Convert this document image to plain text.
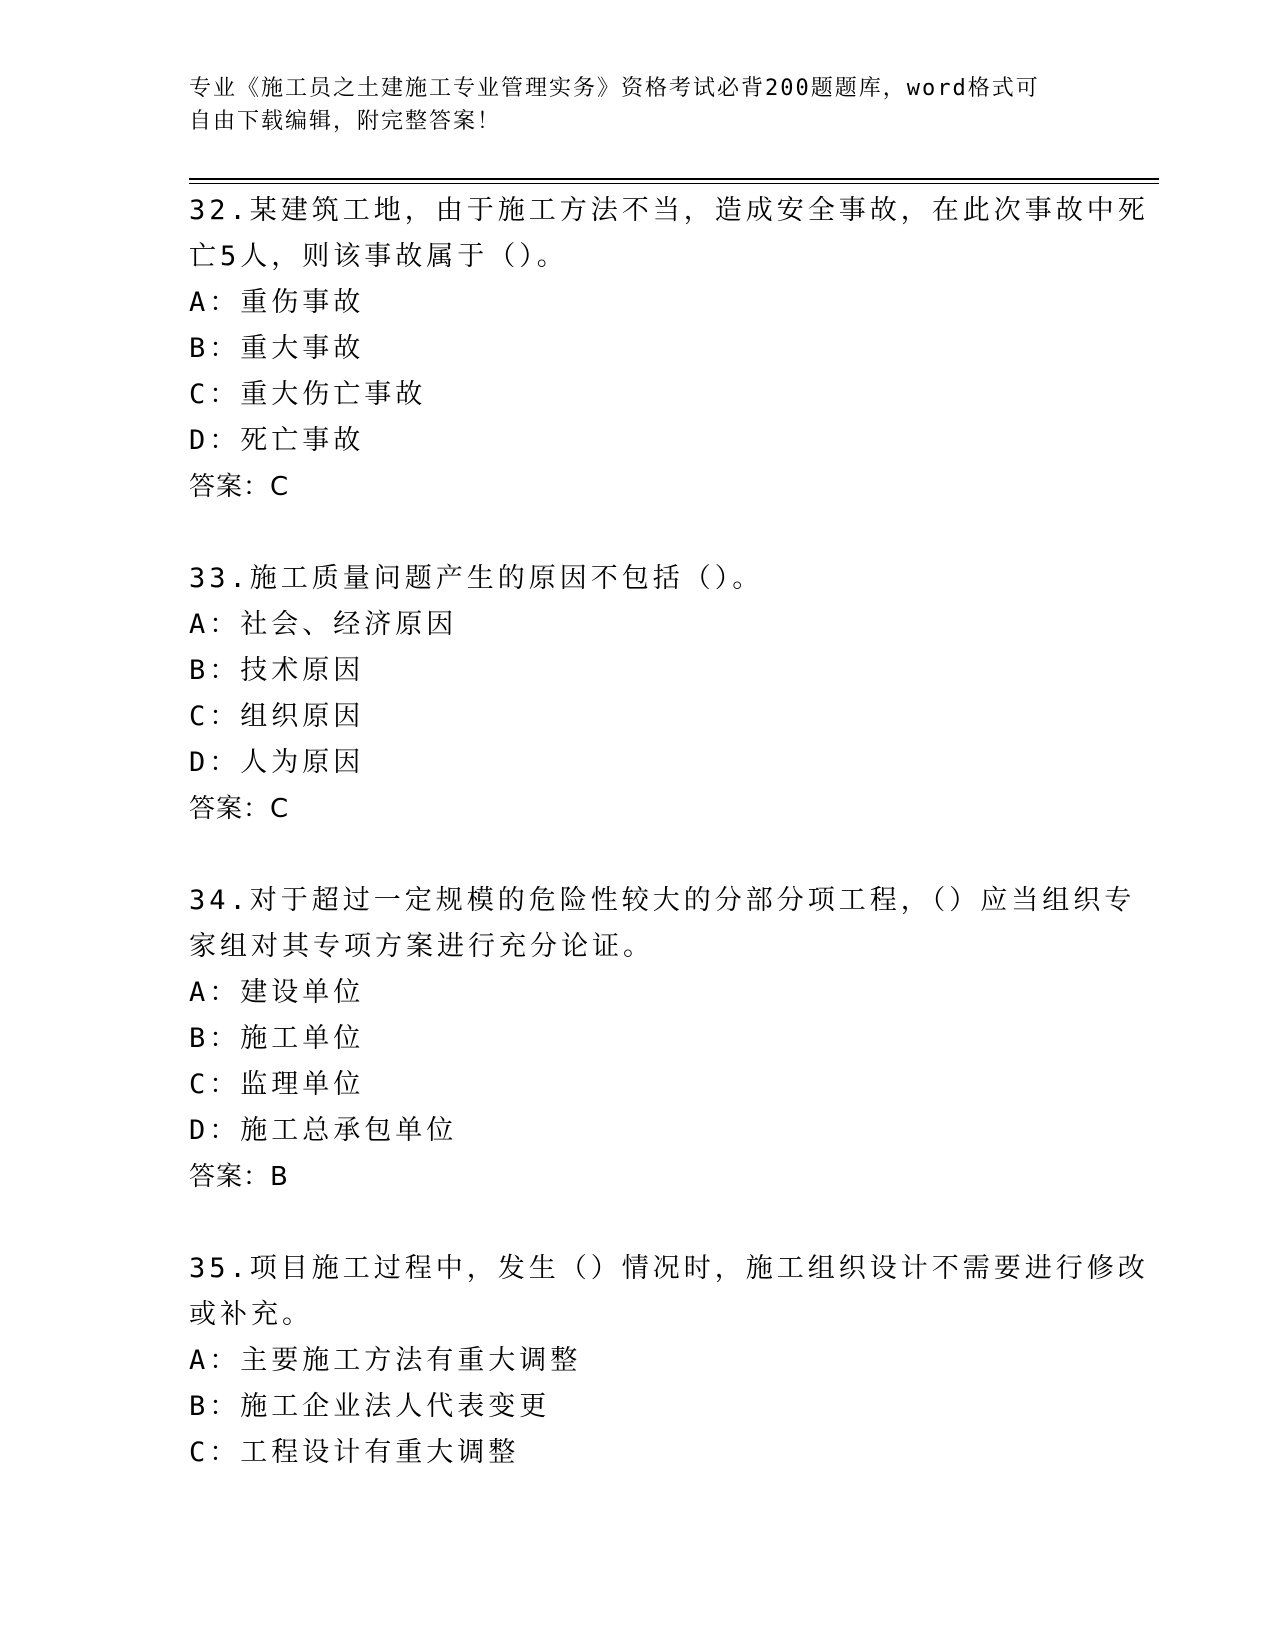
专业《施工员之土建施工专业管理实务》资格考试必背200题题库，word格式可
自由下载编辑，附完整答案！
32.某建筑工地，由于施工方法不当，造成安全事故，在此次事故中死
亡5人，则该事故属于（）。
A：重伤事故
B：重大事故
C：重大伤亡事故
D：死亡事故
答案：C
33.施工质量问题产生的原因不包括（）。
A：社会、经济原因
B：技术原因
C：组织原因
D：人为原因
答案：C
34.对于超过一定规模的危险性较大的分部分项工程，（）应当组织专
家组对其专项方案进行充分论证。
A：建设单位
B：施工单位
C：监理单位
D：施工总承包单位
答案：B
35.项目施工过程中，发生（）情况时，施工组织设计不需要进行修改
或补充。
A：主要施工方法有重大调整
B：施工企业法人代表变更
C：工程设计有重大调整
